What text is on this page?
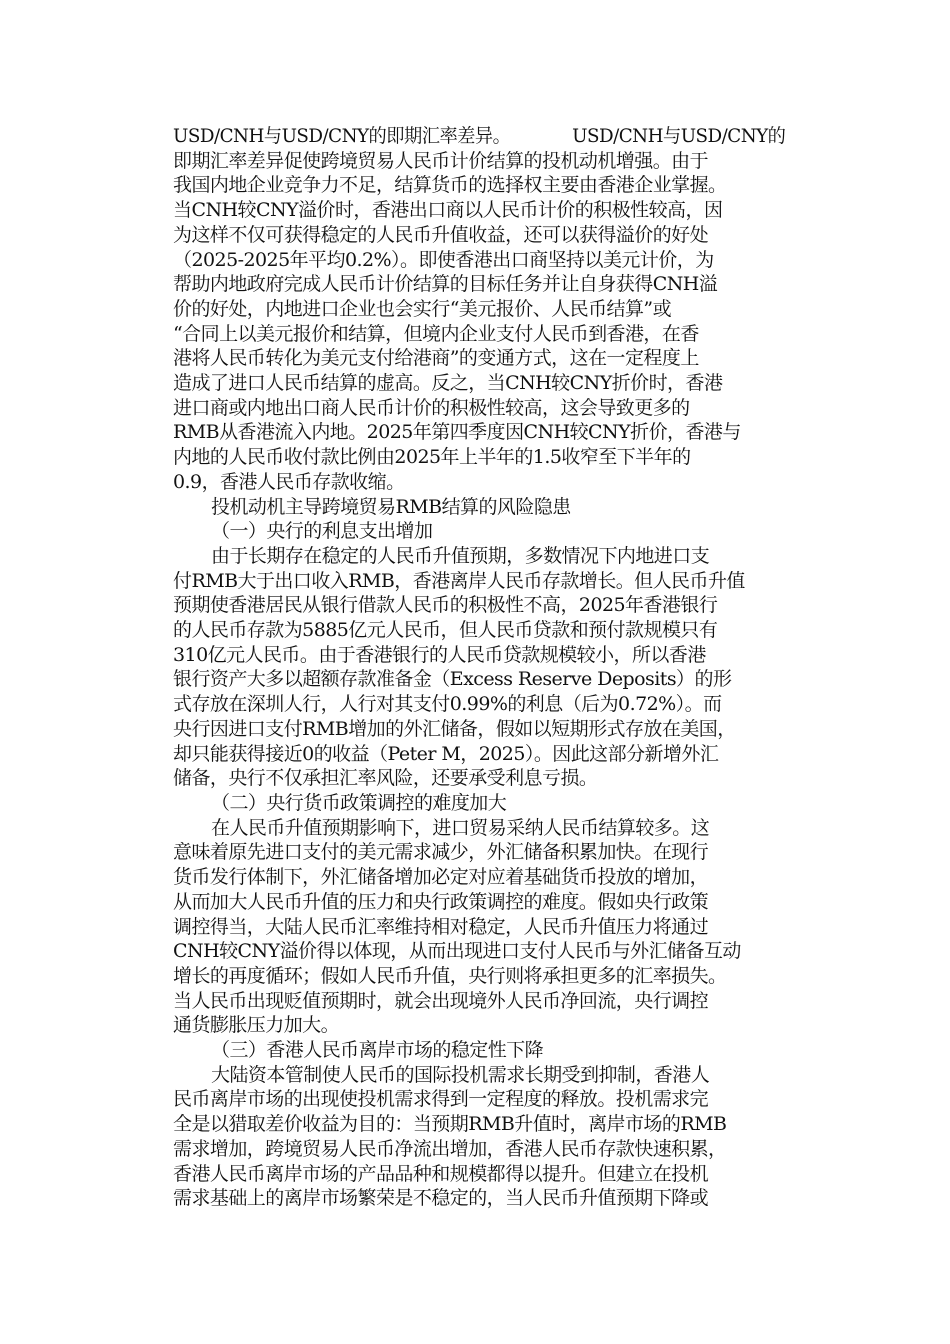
USD/CNH与USD/CNY的即期汇率差异。　　　　USD/CNH与USD/CNY的
即期汇率差异促使跨境贸易人民币计价结算的投机动机增强。由于
我国内地企业竞争力不足，结算货币的选择权主要由香港企业掌握。
当CNH较CNY溢价时，香港出口商以人民币计价的积极性较高，因
为这样不仅可获得稳定的人民币升值收益，还可以获得溢价的好处
（2025-2025年平均0.2%）。即使香港出口商坚持以美元计价，为
帮助内地政府完成人民币计价结算的目标任务并让自身获得CNH溢
价的好处，内地进口企业也会实行“美元报价、人民币结算”或
“合同上以美元报价和结算，但境内企业支付人民币到香港，在香
港将人民币转化为美元支付给港商”的变通方式，这在一定程度上
造成了进口人民币结算的虚高。反之，当CNH较CNY折价时，香港
进口商或内地出口商人民币计价的积极性较高，这会导致更多的
RMB从香港流入内地。2025年第四季度因CNH较CNY折价，香港与
内地的人民币收付款比例由2025年上半年的1.5收窄至下半年的
0.9，香港人民币存款收缩。
投机动机主导跨境贸易RMB结算的风险隐患
（一）央行的利息支出增加
由于长期存在稳定的人民币升值预期，多数情况下内地进口支
付RMB大于出口收入RMB，香港离岸人民币存款增长。但人民币升值
预期使香港居民从银行借款人民币的积极性不高，2025年香港银行
的人民币存款为5885亿元人民币，但人民币贷款和预付款规模只有
310亿元人民币。由于香港银行的人民币贷款规模较小，所以香港
银行资产大多以超额存款准备金（Excess Reserve Deposits）的形
式存放在深圳人行，人行对其支付0.99%的利息（后为0.72%）。而
央行因进口支付RMB增加的外汇储备，假如以短期形式存放在美国，
却只能获得接近0的收益（Peter M，2025）。因此这部分新增外汇
储备，央行不仅承担汇率风险，还要承受利息亏损。
（二）央行货币政策调控的难度加大
在人民币升值预期影响下，进口贸易采纳人民币结算较多。这
意味着原先进口支付的美元需求减少，外汇储备积累加快。在现行
货币发行体制下，外汇储备增加必定对应着基础货币投放的增加，
从而加大人民币升值的压力和央行政策调控的难度。假如央行政策
调控得当，大陆人民币汇率维持相对稳定，人民币升值压力将通过
CNH较CNY溢价得以体现，从而出现进口支付人民币与外汇储备互动
增长的再度循环；假如人民币升值，央行则将承担更多的汇率损失。
当人民币出现贬值预期时，就会出现境外人民币净回流，央行调控
通货膨胀压力加大。
（三）香港人民币离岸市场的稳定性下降
大陆资本管制使人民币的国际投机需求长期受到抑制，香港人
民币离岸市场的出现使投机需求得到一定程度的释放。投机需求完
全是以猎取差价收益为目的：当预期RMB升值时，离岸市场的RMB
需求增加，跨境贸易人民币净流出增加，香港人民币存款快速积累，
香港人民币离岸市场的产品品种和规模都得以提升。但建立在投机
需求基础上的离岸市场繁荣是不稳定的，当人民币升值预期下降或
